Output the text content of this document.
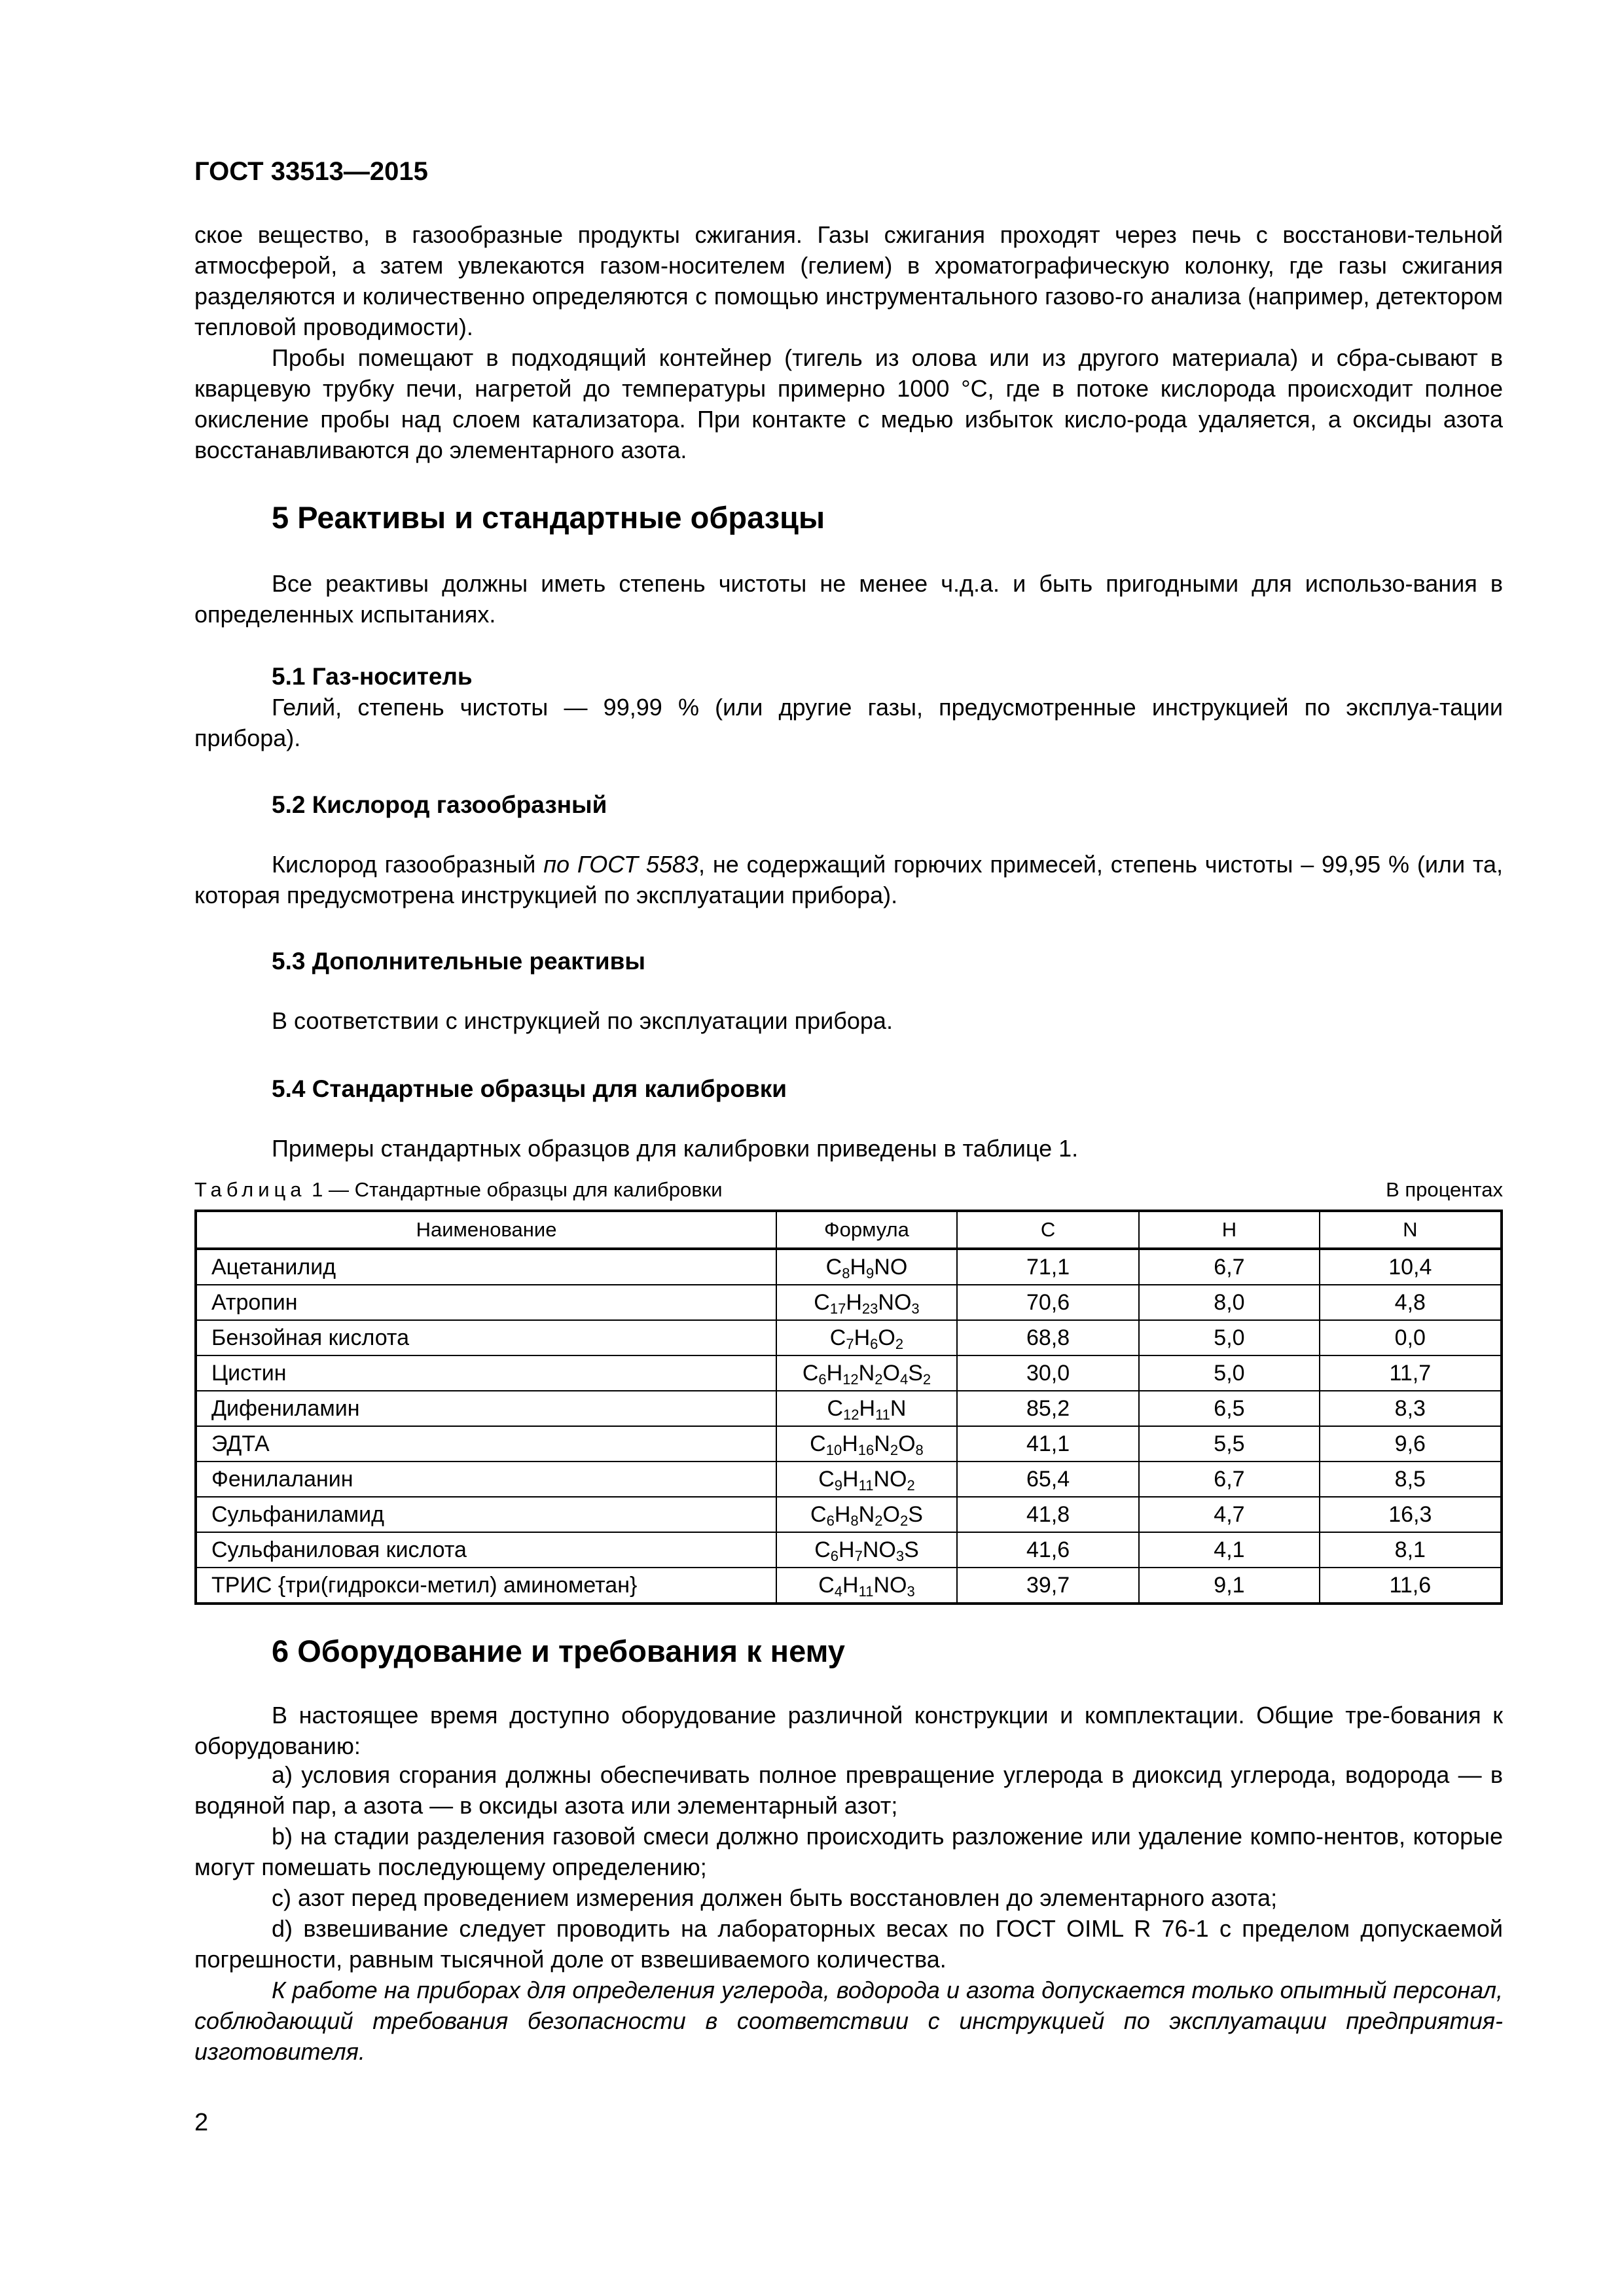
ГОСТ 33513—2015

ское вещество, в газообразные продукты сжигания. Газы сжигания проходят через печь с восстанови-тельной атмосферой, а затем увлекаются газом-носителем (гелием) в хроматографическую колонку, где газы сжигания разделяются и количественно определяются с помощью инструментального газово-го анализа (например, детектором тепловой проводимости).

Пробы помещают в подходящий контейнер (тигель из олова или из другого материала) и сбра-сывают в кварцевую трубку печи, нагретой до температуры примерно 1000 °С, где в потоке кислорода происходит полное окисление пробы над слоем катализатора. При контакте с медью избыток кисло-рода удаляется, а оксиды азота восстанавливаются до элементарного азота.

5 Реактивы и стандартные образцы

Все реактивы должны иметь степень чистоты не менее ч.д.а. и быть пригодными для использо-вания в определенных испытаниях.

5.1 Газ-носитель

Гелий, степень чистоты — 99,99 % (или другие газы, предусмотренные инструкцией по эксплуа-тации прибора).

5.2 Кислород газообразный

Кислород газообразный по ГОСТ 5583, не содержащий горючих примесей, степень чистоты – 99,95 % (или та, которая предусмотрена инструкцией по эксплуатации прибора).

5.3 Дополнительные реактивы

В соответствии с инструкцией по эксплуатации прибора.

5.4 Стандартные образцы для калибровки

Примеры стандартных образцов для калибровки приведены в таблице 1.

Таблица 1 — Стандартные образцы для калибровки	В процентах
Наименование	Формула	C	H	N
Ацетанилид	$C_8H_9NO$	71,1	6,7	10,4
Атропин	$C_{17}H_{23}NO_3$	70,6	8,0	4,8
Бензойная кислота	$C_7H_6O_2$	68,8	5,0	0,0
Цистин	$C_6H_{12}N_2O_4S_2$	30,0	5,0	11,7
Дифениламин	$C_{12}H_{11}N$	85,2	6,5	8,3
ЭДТА	$C_{10}H_{16}N_2O_8$	41,1	5,5	9,6
Фенилаланин	$C_9H_{11}NO_2$	65,4	6,7	8,5
Сульфаниламид	$C_6H_8N_2O_2S$	41,8	4,7	16,3
Сульфаниловая кислота	$C_6H_7NO_3S$	41,6	4,1	8,1
ТРИС {три(гидрокси-метил) аминометан}	$C_4H_{11}NO_3$	39,7	9,1	11,6
6 Оборудование и требования к нему

В настоящее время доступно оборудование различной конструкции и комплектации. Общие тре-бования к оборудованию:

a) условия сгорания должны обеспечивать полное превращение углерода в диоксид углерода, водорода — в водяной пар, а азота — в оксиды азота или элементарный азот;

b) на стадии разделения газовой смеси должно происходить разложение или удаление компо-нентов, которые могут помешать последующему определению;

c) азот перед проведением измерения должен быть восстановлен до элементарного азота;

d) взвешивание следует проводить на лабораторных весах по ГОСТ OIML R 76-1 с пределом допускаемой погрешности, равным тысячной доле от взвешиваемого количества.

К работе на приборах для определения углерода, водорода и азота допускается только опытный персонал, соблюдающий требования безопасности в соответствии с инструкцией по эксплуатации предприятия-изготовителя.

2
